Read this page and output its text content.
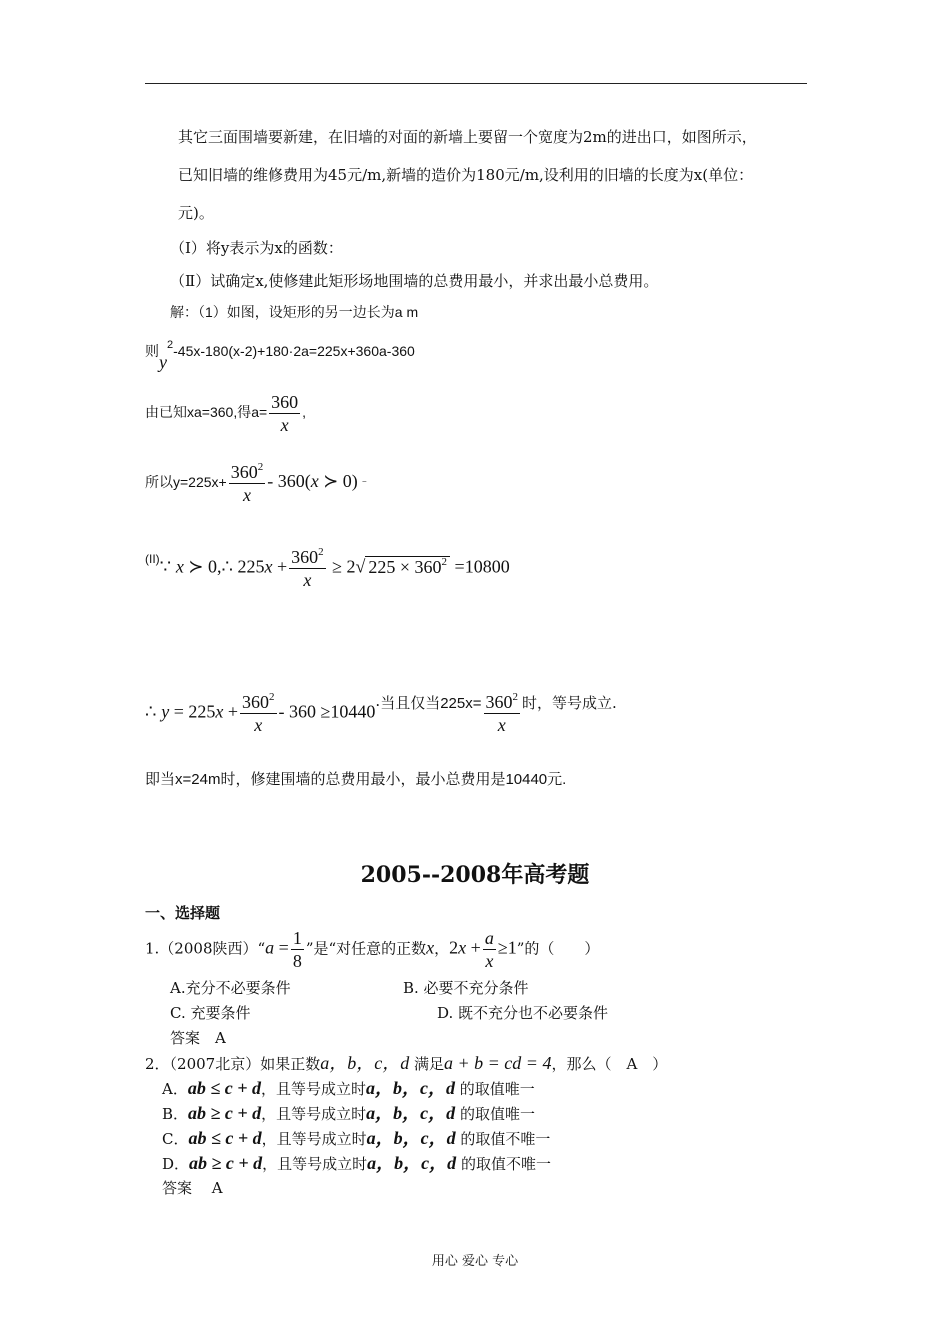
其它三面围墙要新建，在旧墙的对面的新墙上要留一个宽度为2m的进出口，如图所示，
已知旧墙的维修费用为45元/m,新墙的造价为180元/m,设利用的旧墙的长度为x(单位：
元)。
（Ⅰ）将y表示为x的函数：
（Ⅱ）试确定x,使修建此矩形场地围墙的总费用最小，并求出最小总费用。
解：（1）如图，设矩形的另一边长为a m
则$y^2-45x-180(x-2)+180\cdot 2a=225x+360a-360$
由已知xa=360,得$a= \frac{360}{x}$ ,
所以$y=225x+ \frac{360^2}{x} - 360(x$ ≻ 0) ⁻
$^{(II)}$∵ x ≻ 0,∴ $225x + \frac{360^2}{x} \ge 2√$ $225 \times 360^2 =10800$
∴ $y = 225x + \frac{360^2}{x} - 360 \ge 10440\cdot$当且仅当$225x= \frac{360^2}{x}$ 时，等号成立.
即当x=24m时，修建围墙的总费用最小，最小总费用是10440元.
2005--2008年高考题
一、选择题
1.（2008陕西）“a = $\frac{1}{8}$ ”是“对任意的正数x，$2x + \frac{a}{x} \ge 1$”的（　　）
A.充分不必要条件	B. 必要不充分条件
C. 充要条件	D. 既不充分也不必要条件
答案　A
2．（2007北京）如果正数a，b，c，d 满足a + b = cd = 4，那么（　A　）
A．ab ≤ c + d，且等号成立时a，b，c，d 的取值唯一
B．ab ≥ c + d，且等号成立时a，b，c，d 的取值唯一
C．ab ≤ c + d，且等号成立时a，b，c，d 的取值不唯一
D．ab ≥ c + d，且等号成立时a，b，c，d 的取值不唯一
答案　 A
用心 爱心 专心
